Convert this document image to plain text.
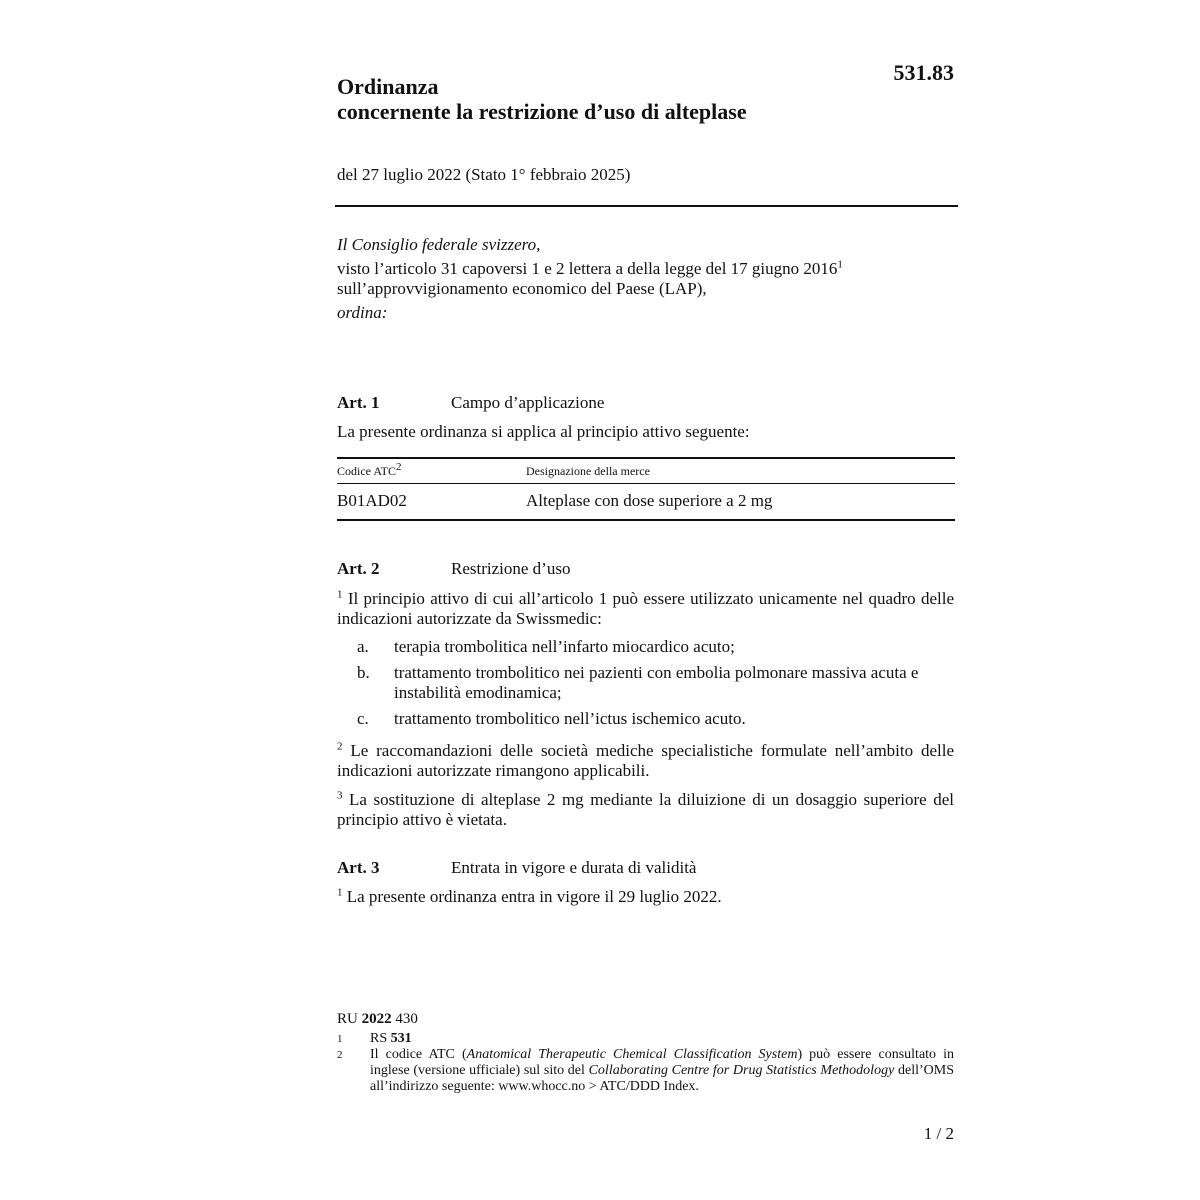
531.83
Ordinanza
concernente la restrizione d’uso di alteplase
del 27 luglio 2022 (Stato 1° febbraio 2025)
Il Consiglio federale svizzero,
visto l’articolo 31 capoversi 1 e 2 lettera a della legge del 17 giugno 2016$^1$
sull’approvvigionamento economico del Paese (LAP),
ordina:
Art. 1	Campo d’applicazione
La presente ordinanza si applica al principio attivo seguente:
Codice ATC$^2$	Designazione della merce
B01AD02	Alteplase con dose superiore a 2 mg
Art. 2	Restrizione d’uso
$^1$ Il principio attivo di cui all’articolo 1 può essere utilizzato unicamente nel quadro delle indicazioni autorizzate da Swissmedic:
a.	terapia trombolitica nell’infarto miocardico acuto;
b.	trattamento trombolitico nei pazienti con embolia polmonare massiva acuta e instabilità emodinamica;
c.	trattamento trombolitico nell’ictus ischemico acuto.
$^2$ Le raccomandazioni delle società mediche specialistiche formulate nell’ambito delle indicazioni autorizzate rimangono applicabili.
$^3$ La sostituzione di alteplase 2 mg mediante la diluizione di un dosaggio superiore del principio attivo è vietata.
Art. 3	Entrata in vigore e durata di validità
$^1$ La presente ordinanza entra in vigore il 29 luglio 2022.
RU 2022 430
1	RS 531
2	Il codice ATC (Anatomical Therapeutic Chemical Classification System) può essere consultato in inglese (versione ufficiale) sul sito del Collaborating Centre for Drug Statistics Methodology dell’OMS all’indirizzo seguente: www.whocc.no > ATC/DDD Index.
1 / 2
